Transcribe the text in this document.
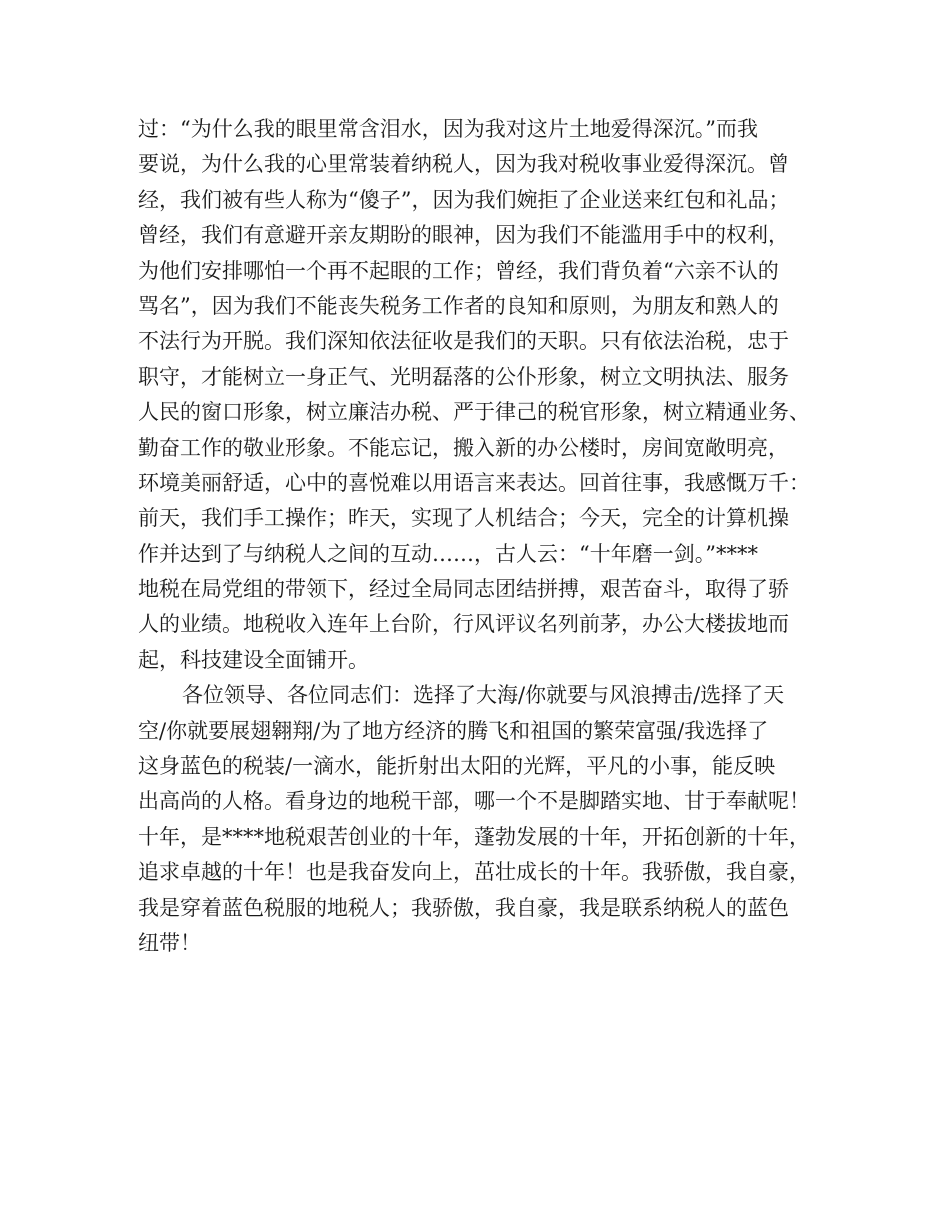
过：“为什么我的眼里常含泪水，因为我对这片土地爱得深沉。”而我
要说，为什么我的心里常装着纳税人，因为我对税收事业爱得深沉。曾
经，我们被有些人称为“傻子”，因为我们婉拒了企业送来红包和礼品；
曾经，我们有意避开亲友期盼的眼神，因为我们不能滥用手中的权利，
为他们安排哪怕一个再不起眼的工作；曾经，我们背负着“六亲不认的
骂名”，因为我们不能丧失税务工作者的良知和原则，为朋友和熟人的
不法行为开脱。我们深知依法征收是我们的天职。只有依法治税，忠于
职守，才能树立一身正气、光明磊落的公仆形象，树立文明执法、服务
人民的窗口形象，树立廉洁办税、严于律己的税官形象，树立精通业务、
勤奋工作的敬业形象。不能忘记，搬入新的办公楼时，房间宽敞明亮，
环境美丽舒适，心中的喜悦难以用语言来表达。回首往事，我感慨万千：
前天，我们手工操作；昨天，实现了人机结合；今天，完全的计算机操
作并达到了与纳税人之间的互动……，古人云：“十年磨一剑。”****
地税在局党组的带领下，经过全局同志团结拼搏，艰苦奋斗，取得了骄
人的业绩。地税收入连年上台阶，行风评议名列前茅，办公大楼拔地而
起，科技建设全面铺开。
各位领导、各位同志们：选择了大海/你就要与风浪搏击/选择了天
空/你就要展翅翱翔/为了地方经济的腾飞和祖国的繁荣富强/我选择了
这身蓝色的税装/一滴水，能折射出太阳的光辉，平凡的小事，能反映
出高尚的人格。看身边的地税干部，哪一个不是脚踏实地、甘于奉献呢！
十年，是****地税艰苦创业的十年，蓬勃发展的十年，开拓创新的十年，
追求卓越的十年！也是我奋发向上，茁壮成长的十年。我骄傲，我自豪，
我是穿着蓝色税服的地税人；我骄傲，我自豪，我是联系纳税人的蓝色
纽带！
